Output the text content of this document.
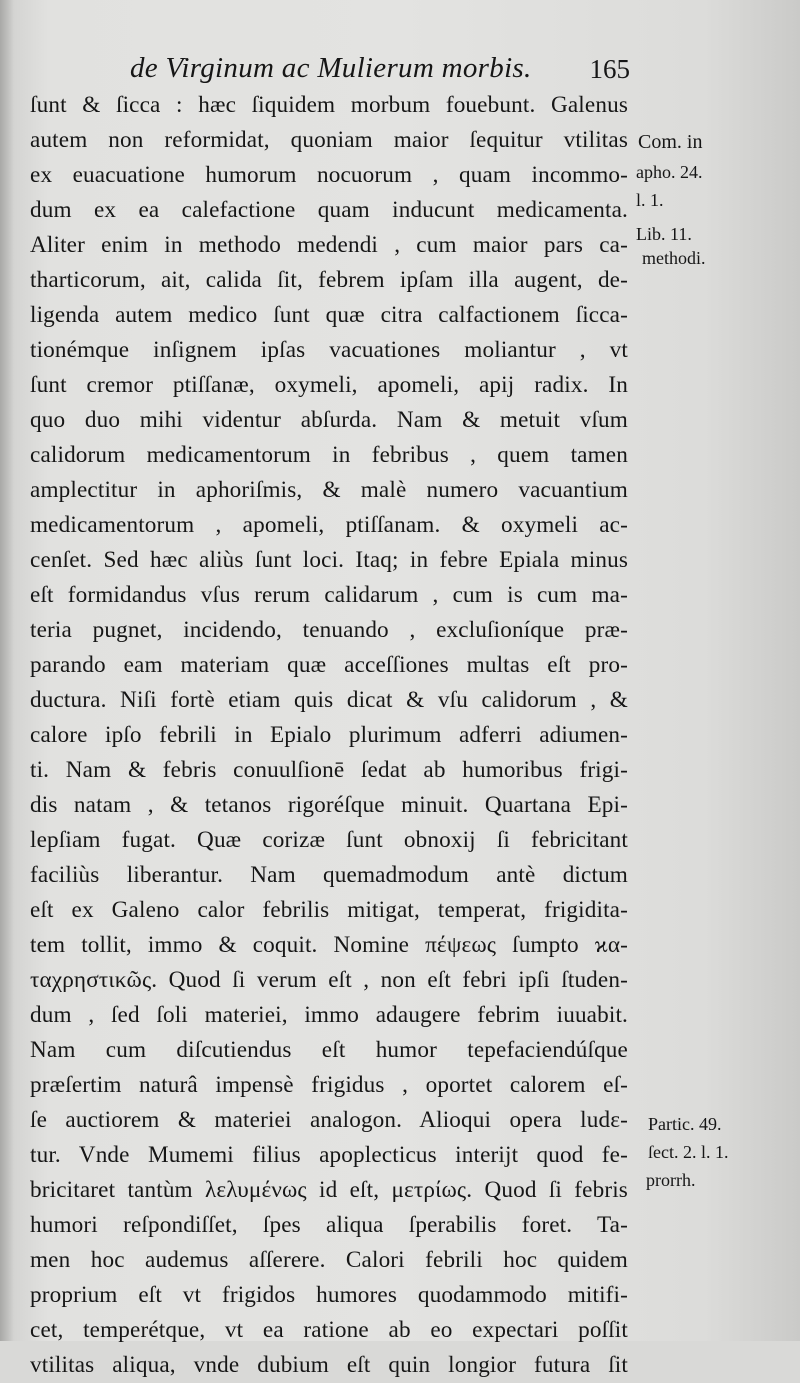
de Virginum ac Mulierum morbis. 165
ſunt & ſicca : hæc ſiquidem morbum fouebunt. Galenus
autem non reformidat, quoniam maior ſequitur vtilitas
ex euacuatione humorum nocuorum , quam incommo-
dum ex ea calefactione quam inducunt medicamenta.
Aliter enim in methodo medendi , cum maior pars ca-
tharticorum, ait, calida ſit, febrem ipſam illa augent, de-
ligenda autem medico ſunt quæ citra calfactionem ſicca-
tionémque inſignem ipſas vacuationes moliantur , vt
ſunt cremor ptiſſanæ, oxymeli, apomeli, apij radix. In
quo duo mihi videntur abſurda. Nam & metuit vſum
calidorum medicamentorum in febribus , quem tamen
amplectitur in aphoriſmis, & malè numero vacuantium
medicamentorum , apomeli, ptiſſanam. & oxymeli ac-
cenſet. Sed hæc aliùs ſunt loci. Itaq; in febre Epiala minus
eſt formidandus vſus rerum calidarum , cum is cum ma-
teria pugnet, incidendo, tenuando , excluſioníque præ-
parando eam materiam quæ acceſſiones multas eſt pro-
ductura. Niſi fortè etiam quis dicat & vſu calidorum , &
calore ipſo febrili in Epialo plurimum adferri adiumen-
ti. Nam & febris conuulſionē ſedat ab humoribus frigi-
dis natam , & tetanos rigoréſque minuit. Quartana Epi-
lepſiam fugat. Quæ corizæ ſunt obnoxij ſi febricitant
faciliùs liberantur. Nam quemadmodum antè dictum
eſt ex Galeno calor febrilis mitigat, temperat, frigidita-
tem tollit, immo & coquit. Nomine πέψεως ſumpto ϰα-
ταχρηστικῶς. Quod ſi verum eſt , non eſt febri ipſi ſtuden-
dum , ſed ſoli materiei, immo adaugere febrim iuuabit.
Nam cum diſcutiendus eſt humor tepefaciendúſque
præſertim naturâ impensè frigidus , oportet calorem eſ-
ſe auctiorem & materiei analogon. Alioqui opera ludε-
tur. Vnde Mumemi filius apoplecticus interijt quod fe-
bricitaret tantùm λελυμένως id eſt, μετρίως. Quod ſi febris
humori reſpondiſſet, ſpes aliqua ſperabilis foret. Ta-
men hoc audemus aſſerere. Calori febrili hoc quidem
proprium eſt vt frigidos humores quodammodo mitifi-
cet, temperétque, vt ea ratione ab eo expectari poſſit
vtilitas aliqua, vnde dubium eſt quin longior futura ſit
Com. in
apho. 24.
l. 1.
Lib. 11.
methodi.
Partic. 49.
ſect. 2. l. 1.
prorrh.
